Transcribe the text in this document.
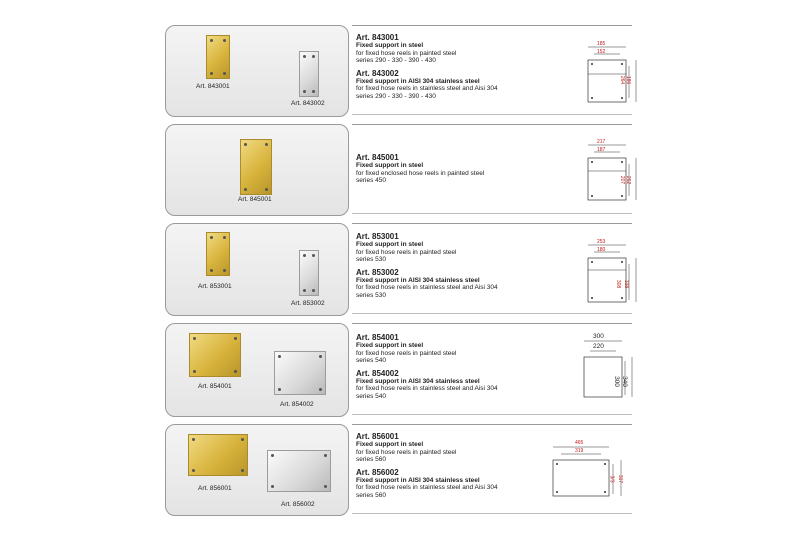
Art. 843001
Art. 843002
Art. 843001
Fixed support in steel
for fixed hose reels in painted steel
series 290 - 330 - 390 - 430
Art. 843002
Fixed support in AISI 304 stainless steel
for fixed hose reels in stainless steel and Aisi 304
series 290 - 330 - 390 - 430
185
152
186
264
Art. 845001
Art. 845001
Fixed support in steel
for fixed enclosed hose reels in painted steel
series 450
217
187
207 262
Art. 853001
Art. 853002
Art. 853001
Fixed support in steel
for fixed hose reels in painted steel
series 530
Art. 853002
Fixed support in AISI 304 stainless steel
for fixed hose reels in stainless steel and Aisi 304
series 530
253
180
308 338
Art. 854001
Art. 854002
Art. 854001
Fixed support in steel
for fixed hose reels in painted steel
series 540
Art. 854002
Fixed support in AISI 304 stainless steel
for fixed hose reels in stainless steel and Aisi 304
series 540
300
220
300 340
Art. 856001
Art. 856002
Art. 856001
Fixed support in steel
for fixed hose reels in painted steel
series 560
Art. 856002
Fixed support in AISI 304 stainless steel
for fixed hose reels in stainless steel and Aisi 304
series 560
465
319
3/3 317
